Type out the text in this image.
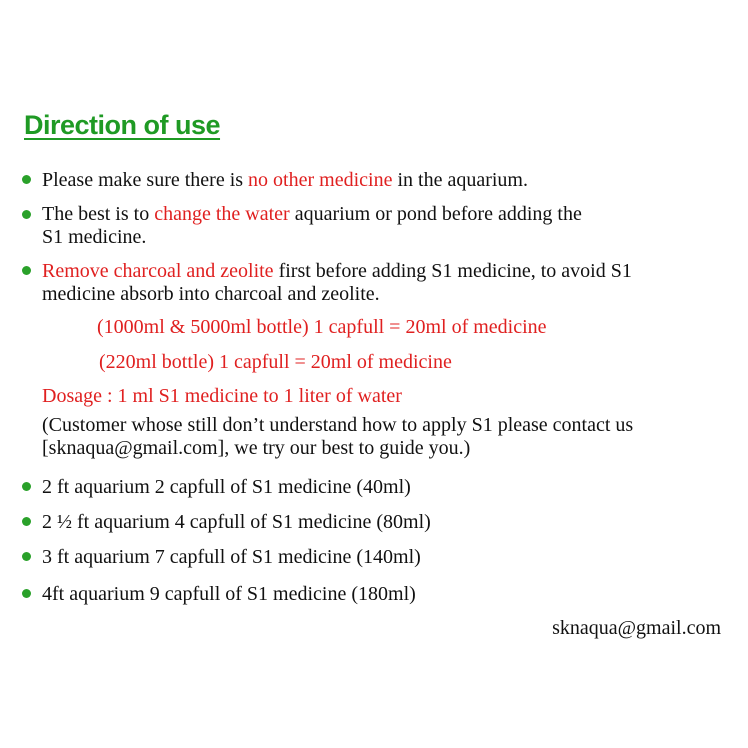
Direction of use
Please make sure there is no other medicine in the aquarium.
The best is to change the water aquarium or pond before adding the
S1 medicine.
Remove charcoal and zeolite first before adding S1 medicine, to avoid S1
medicine absorb into charcoal and zeolite.
(1000ml & 5000ml bottle) 1 capfull = 20ml of medicine
(220ml bottle) 1 capfull = 20ml of medicine
Dosage : 1 ml S1 medicine to 1 liter of water
(Customer whose still don’t understand how to apply S1 please contact us
[sknaqua@gmail.com], we try our best to guide you.)
2 ft aquarium 2 capfull of S1 medicine (40ml)
2 ½ ft aquarium 4 capfull of S1 medicine (80ml)
3 ft aquarium 7 capfull of S1 medicine (140ml)
4ft aquarium 9 capfull of S1 medicine (180ml)
sknaqua@gmail.com
